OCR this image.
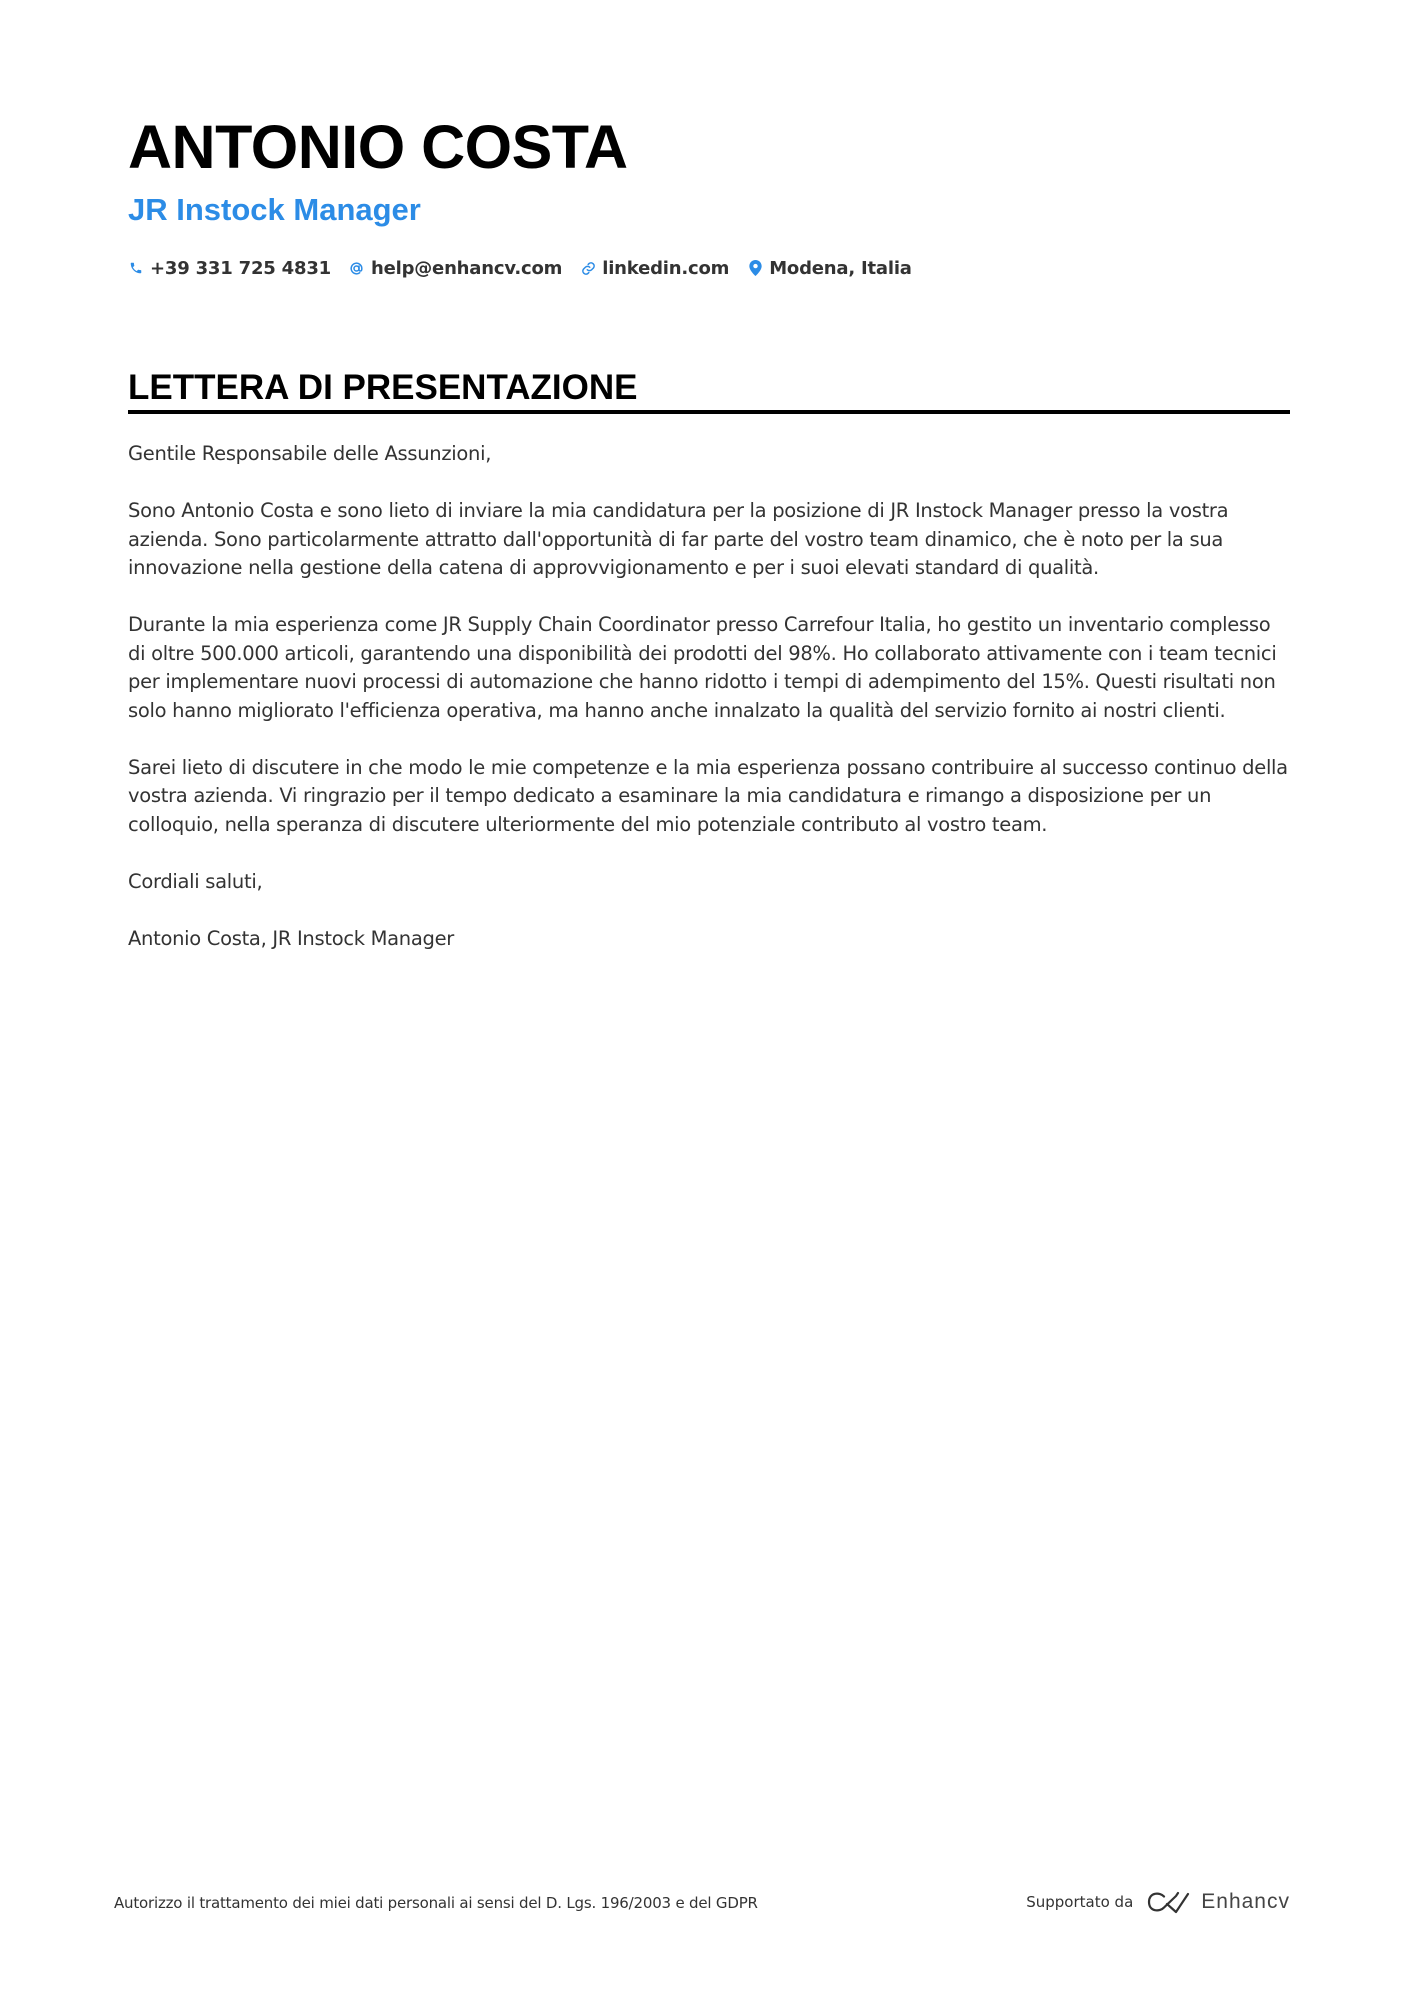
ANTONIO COSTA
JR Instock Manager
+39 331 725 4831 help@enhancv.com linkedin.com Modena, Italia
LETTERA DI PRESENTAZIONE

Gentile Responsabile delle Assunzioni,

Sono Antonio Costa e sono lieto di inviare la mia candidatura per la posizione di JR Instock Manager presso la vostra azienda. Sono particolarmente attratto dall'opportunità di far parte del vostro team dinamico, che è noto per la sua innovazione nella gestione della catena di approvvigionamento e per i suoi elevati standard di qualità.

Durante la mia esperienza come JR Supply Chain Coordinator presso Carrefour Italia, ho gestito un inventario complesso di oltre 500.000 articoli, garantendo una disponibilità dei prodotti del 98%. Ho collaborato attivamente con i team tecnici per implementare nuovi processi di automazione che hanno ridotto i tempi di adempimento del 15%. Questi risultati non solo hanno migliorato l'efficienza operativa, ma hanno anche innalzato la qualità del servizio fornito ai nostri clienti.

Sarei lieto di discutere in che modo le mie competenze e la mia esperienza possano contribuire al successo continuo della vostra azienda. Vi ringrazio per il tempo dedicato a esaminare la mia candidatura e rimango a disposizione per un colloquio, nella speranza di discutere ulteriormente del mio potenziale contributo al vostro team.

Cordiali saluti,

Antonio Costa, JR Instock Manager

Autorizzo il trattamento dei miei dati personali ai sensi del D. Lgs. 196/2003 e del GDPR	Supportato da	Enhancv
